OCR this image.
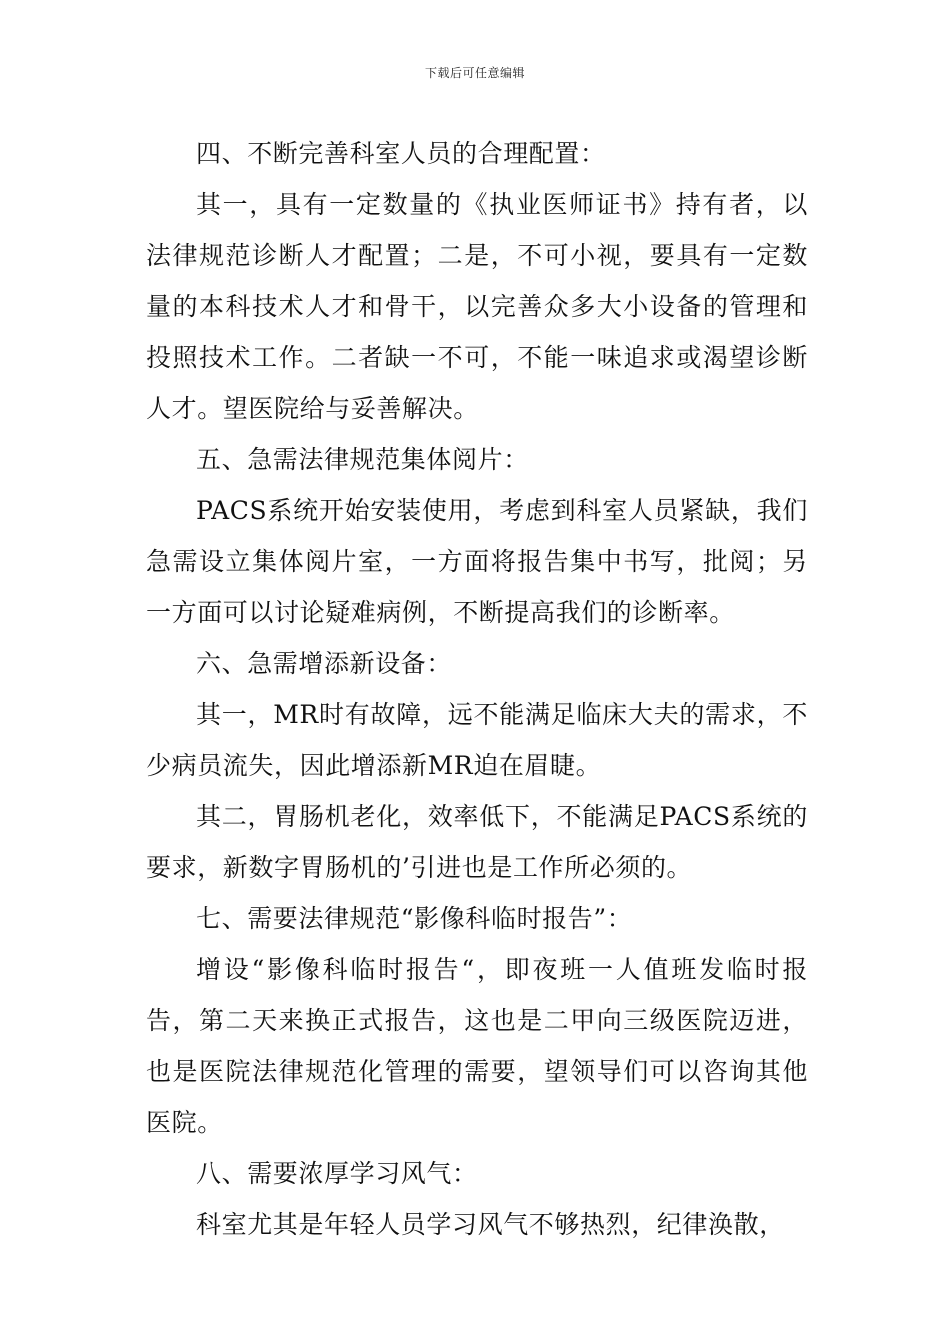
下载后可任意编辑

四、不断完善科室人员的合理配置：

其一，具有一定数量的《执业医师证书》持有者，以法律规范诊断人才配置；二是，不可小视，要具有一定数量的本科技术人才和骨干，以完善众多大小设备的管理和投照技术工作。二者缺一不可，不能一味追求或渴望诊断人才。望医院给与妥善解决。

五、急需法律规范集体阅片：

PACS系统开始安装使用，考虑到科室人员紧缺，我们急需设立集体阅片室，一方面将报告集中书写，批阅；另一方面可以讨论疑难病例，不断提高我们的诊断率。

六、急需增添新设备：

其一，MR时有故障，远不能满足临床大夫的需求，不少病员流失，因此增添新MR迫在眉睫。

其二，胃肠机老化，效率低下，不能满足PACS系统的要求，新数字胃肠机的’引进也是工作所必须的。

七、需要法律规范“影像科临时报告”：

增设“影像科临时报告“，即夜班一人值班发临时报告，第二天来换正式报告，这也是二甲向三级医院迈进，也是医院法律规范化管理的需要，望领导们可以咨询其他医院。

八、需要浓厚学习风气：

科室尤其是年轻人员学习风气不够热烈，纪律涣散，
